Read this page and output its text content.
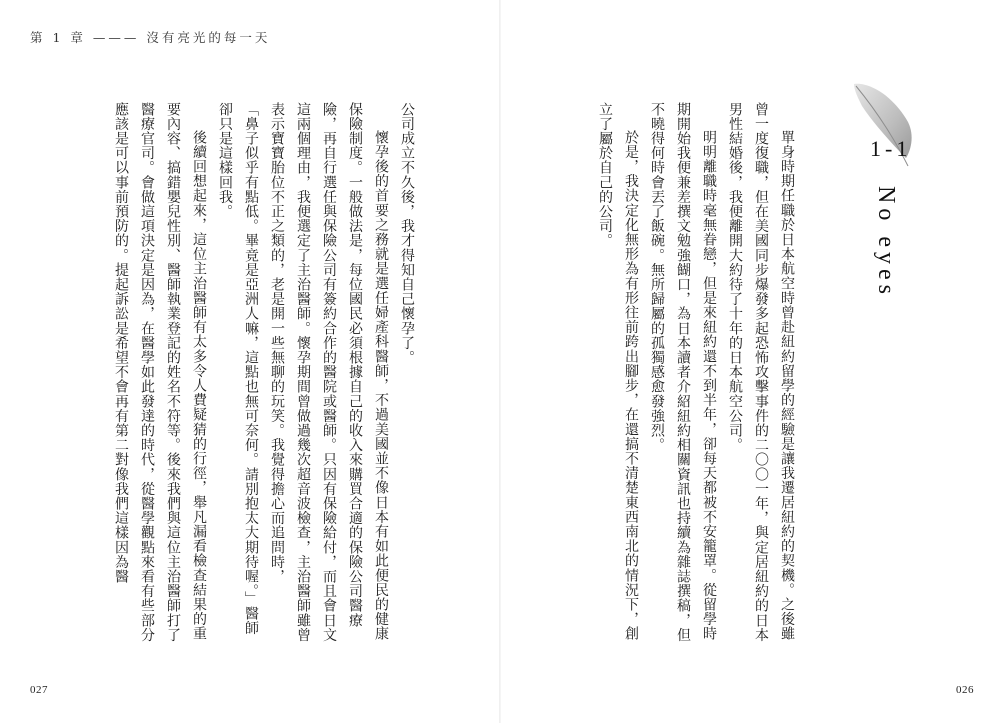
第 1 章 ——— 沒有亮光的每一天

公司成立不久後，我才得知自己懷孕了。

懷孕後的首要之務就是選任婦產科醫師，不過美國並不像日本有如此便民的健康保險制度。一般做法是，每位國民必須根據自己的收入來購買合適的保險公司醫療險，再自行選任與保險公司有簽約合作的醫院或醫師。只因有保險給付，而且會日文這兩個理由，我便選定了主治醫師。懷孕期間曾做過幾次超音波檢查，主治醫師雖曾表示寶寶胎位不正之類的，老是開一些無聊的玩笑。我覺得擔心而追問時，

「鼻子似乎有點低。畢竟是亞洲人嘛，這點也無可奈何。請別抱太大期待喔。」醫師卻只是這樣回我。

後續回想起來，這位主治醫師有太多令人費疑猜的行徑，舉凡漏看檢查結果的重要內容、搞錯嬰兒性別、醫師執業登記的姓名不符等。後來我們與這位主治醫師打了醫療官司。會做這項決定是因為，在醫學如此發達的時代，從醫學觀點來看有些部分應該是可以事前預防的。提起訴訟是希望不會再有第二對像我們這樣因為醫

027
1-1
No eyes

單身時期任職於日本航空時曾赴紐約留學的經驗是讓我遷居紐約的契機。之後雖曾一度復職，但在美國同步爆發多起恐怖攻擊事件的二〇〇一年，與定居紐約的日本男性結婚後，我便離開大約待了十年的日本航空公司。

明明離職時毫無眷戀，但是來紐約還不到半年，卻每天都被不安籠罩。從留學時期開始我便兼差撰文勉強餬口，為日本讀者介紹紐約相關資訊也持續為雜誌撰稿，但不曉得何時會丟了飯碗。無所歸屬的孤獨感愈發強烈。

於是，我決定化無形為有形往前跨出腳步，在還搞不清楚東西南北的情況下，創立了屬於自己的公司。

026
